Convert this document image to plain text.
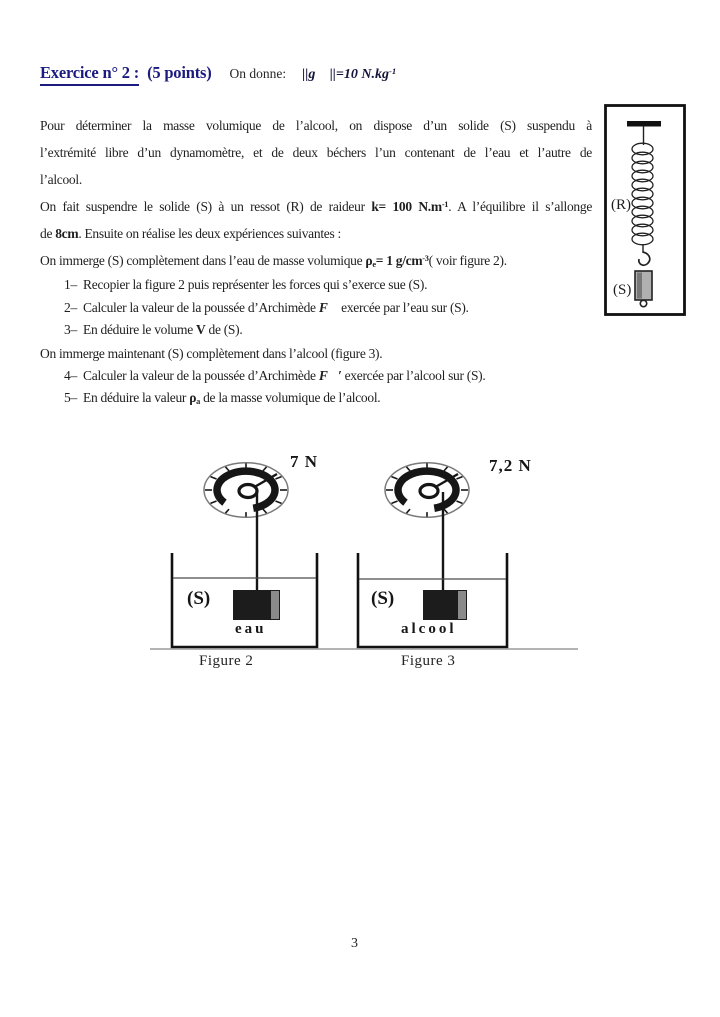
Exercice n° 2 : (5 points) On donne: ||g⃗ ||=10 $N.kg^{-1}$
Pour déterminer la masse volumique de l’alcool, on dispose d’un solide (S) suspendu à
l’extrémité libre d’un dynamomètre, et de deux béchers l’un contenant de l’eau et l’autre de
l’alcool.
On fait suspendre le solide (S) à un ressot (R) de raideur k= 100 $N.m^{-1}$. A l’équilibre il s’allonge
de 8cm. Ensuite on réalise les deux expériences suivantes :
On immerge (S) complètement dans l’eau de masse volumique $\rho_e= 1$ $g/cm^{-3}$( voir figure 2).
1–  Recopier la figure 2 puis représenter les forces qui s’exerce sue (S).
2–  Calculer la valeur de la poussée d’Archimède F⃗ exercée par l’eau sur (S).
3–  En déduire le volume V de (S).
On immerge maintenant (S) complètement dans l’alcool (figure 3).
4–  Calculer la valeur de la poussée d’Archimède F⃗′ exercée par l’alcool sur (S).
5–  En déduire la valeur $\rho_a$ de la masse volumique de l’alcool.
(R)
(S)
7 N	7,2 N
(S)	(S)
eau	alcool
Figure 2	Figure 3
3
